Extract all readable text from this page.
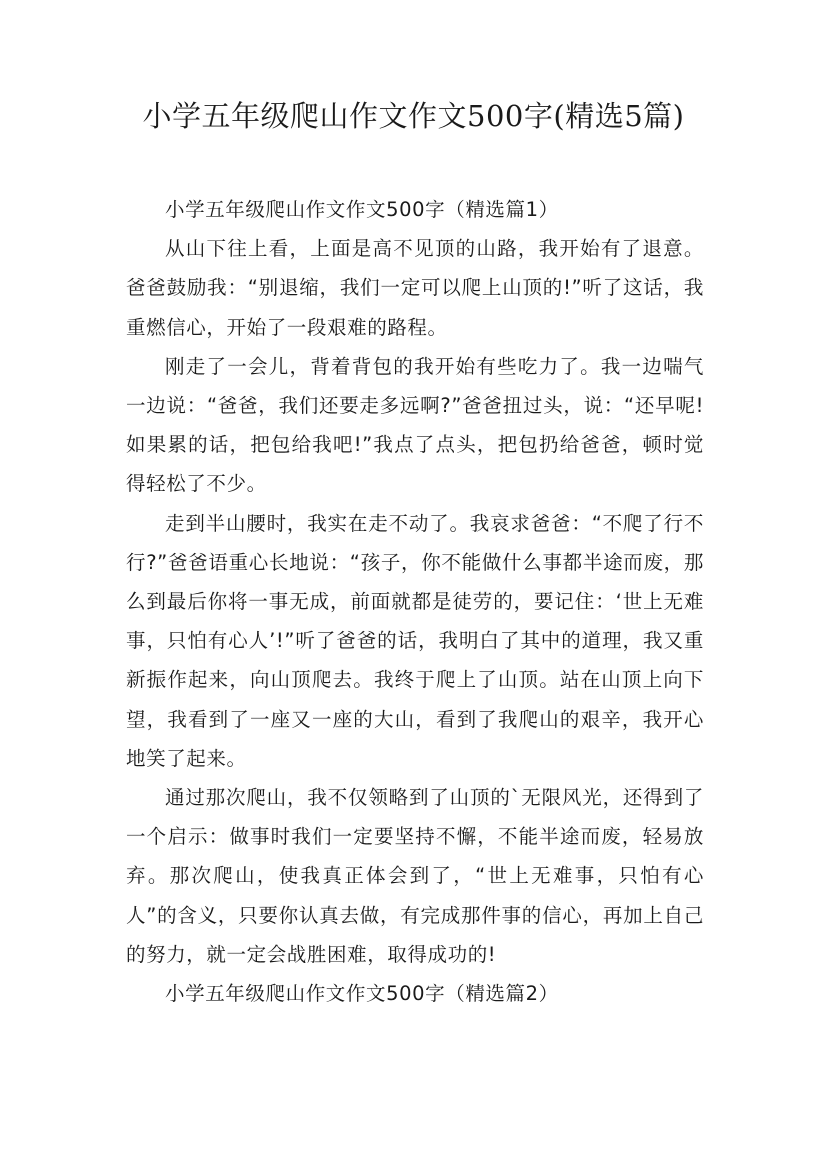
小学五年级爬山作文作文500字(精选5篇)

小学五年级爬山作文作文500字（精选篇1）

从山下往上看，上面是高不见顶的山路，我开始有了退意。爸爸鼓励我：“别退缩，我们一定可以爬上山顶的!”听了这话，我重燃信心，开始了一段艰难的路程。

刚走了一会儿，背着背包的我开始有些吃力了。我一边喘气一边说：“爸爸，我们还要走多远啊?”爸爸扭过头，说：“还早呢!如果累的话，把包给我吧!”我点了点头，把包扔给爸爸，顿时觉得轻松了不少。

走到半山腰时，我实在走不动了。我哀求爸爸：“不爬了行不行?”爸爸语重心长地说：“孩子，你不能做什么事都半途而废，那么到最后你将一事无成，前面就都是徒劳的，要记住：‘世上无难事，只怕有心人’!”听了爸爸的话，我明白了其中的道理，我又重新振作起来，向山顶爬去。我终于爬上了山顶。站在山顶上向下望，我看到了一座又一座的大山，看到了我爬山的艰辛，我开心地笑了起来。

通过那次爬山，我不仅领略到了山顶的`无限风光，还得到了一个启示：做事时我们一定要坚持不懈，不能半途而废，轻易放弃。那次爬山，使我真正体会到了，“世上无难事，只怕有心人”的含义，只要你认真去做，有完成那件事的信心，再加上自己的努力，就一定会战胜困难，取得成功的!

小学五年级爬山作文作文500字（精选篇2）
